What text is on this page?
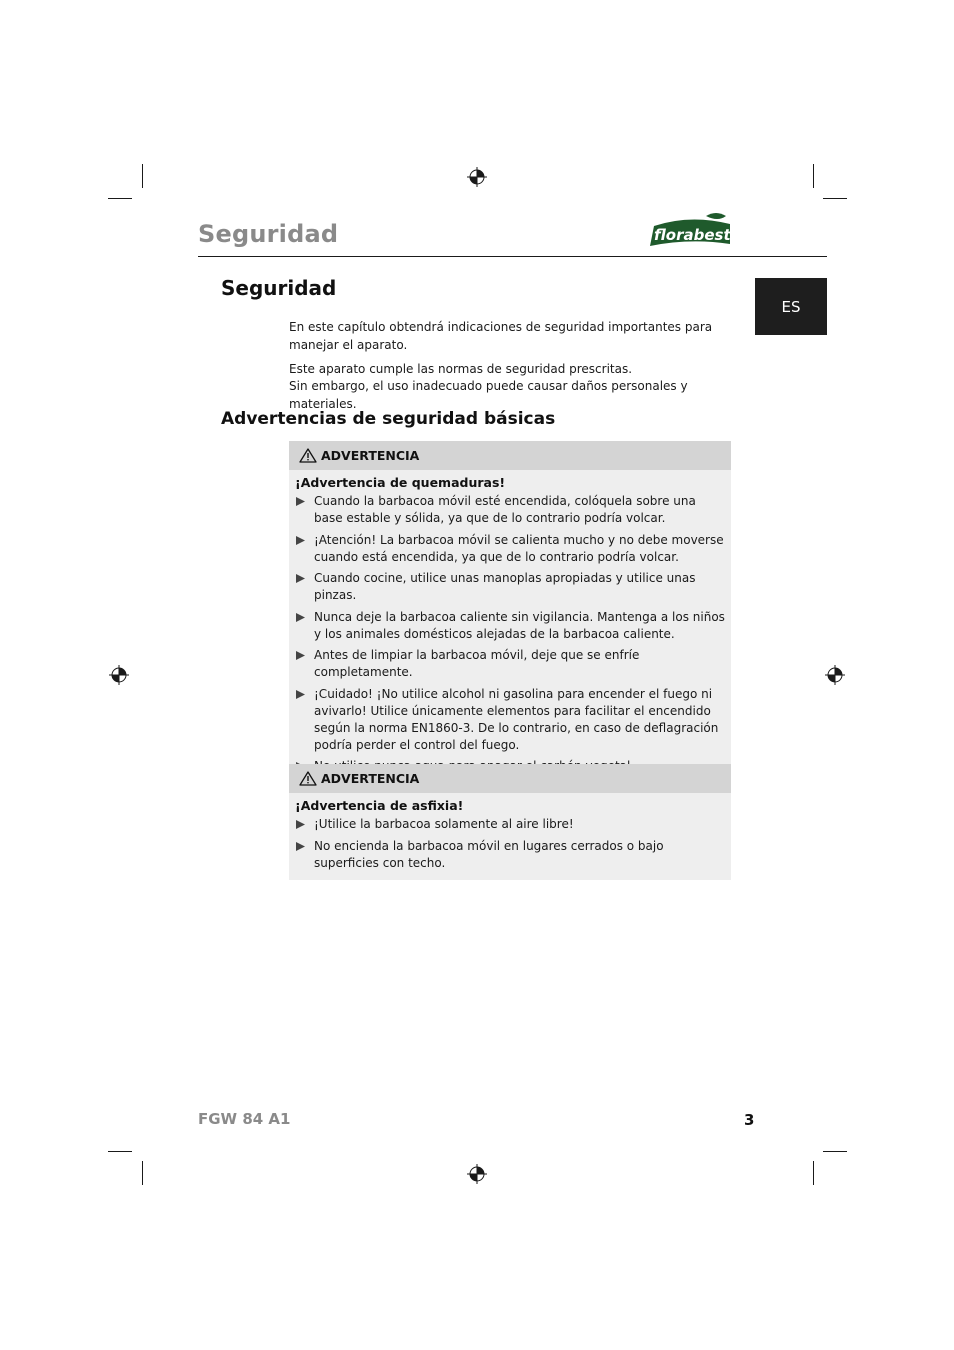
Seguridad	florabest
ES
Seguridad
En este capítulo obtendrá indicaciones de seguridad importantes para manejar el aparato.
Este aparato cumple las normas de seguridad prescritas.
Sin embargo, el uso inadecuado puede causar daños personales y materiales.
Advertencias de seguridad básicas
ADVERTENCIA
¡Advertencia de quemaduras!
Cuando la barbacoa móvil esté encendida, colóquela sobre una base estable y sólida, ya que de lo contrario podría volcar.
¡Atención! La barbacoa móvil se calienta mucho y no debe moverse cuando está encendida, ya que de lo contrario podría volcar.
Cuando cocine, utilice unas manoplas apropiadas y utilice unas pinzas.
Nunca deje la barbacoa caliente sin vigilancia. Mantenga a los niños y los animales domésticos alejadas de la barbacoa caliente.
Antes de limpiar la barbacoa móvil, deje que se enfríe completamente.
¡Cuidado! ¡No utilice alcohol ni gasolina para encender el fuego ni avivarlo! Utilice únicamente elementos para facilitar el encendido según la norma EN1860-3. De lo contrario, en caso de deflagración podría perder el control del fuego.
ADVERTENCIA
¡Advertencia de asfixia!
¡Utilice la barbacoa solamente al aire libre!
No encienda la barbacoa móvil en lugares cerrados o bajo superficies con techo.
FGW 84 A1	3
